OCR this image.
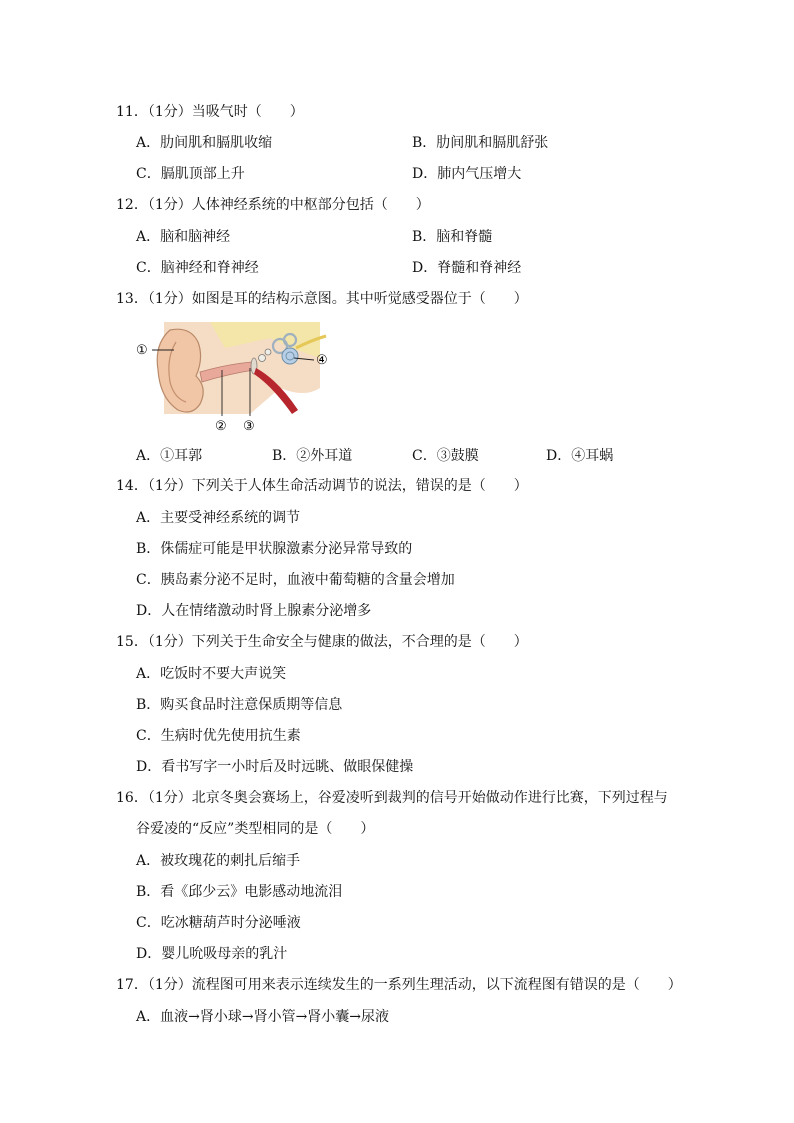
11．（1分）当吸气时（　　）
A．肋间肌和膈肌收缩	B．肋间肌和膈肌舒张
C．膈肌顶部上升	D．肺内气压增大
12．（1分）人体神经系统的中枢部分包括（　　）
A．脑和脑神经	B．脑和脊髓
C．脑神经和脊神经	D．脊髓和脊神经
13．（1分）如图是耳的结构示意图。其中听觉感受器位于（　　）
①
② ③
④
A．①耳郭	B．②外耳道	C．③鼓膜	D．④耳蜗
14．（1分）下列关于人体生命活动调节的说法，错误的是（　　）
A．主要受神经系统的调节
B．侏儒症可能是甲状腺激素分泌异常导致的
C．胰岛素分泌不足时，血液中葡萄糖的含量会增加
D．人在情绪激动时肾上腺素分泌增多
15．（1分）下列关于生命安全与健康的做法，不合理的是（　　）
A．吃饭时不要大声说笑
B．购买食品时注意保质期等信息
C．生病时优先使用抗生素
D．看书写字一小时后及时远眺、做眼保健操
16．（1分）北京冬奥会赛场上，谷爱凌听到裁判的信号开始做动作进行比赛，下列过程与
谷爱凌的“反应”类型相同的是（　　）
A．被玫瑰花的刺扎后缩手
B．看《邱少云》电影感动地流泪
C．吃冰糖葫芦时分泌唾液
D．婴儿吮吸母亲的乳汁
17．（1分）流程图可用来表示连续发生的一系列生理活动，以下流程图有错误的是（　　）
A．血液→肾小球→肾小管→肾小囊→尿液
